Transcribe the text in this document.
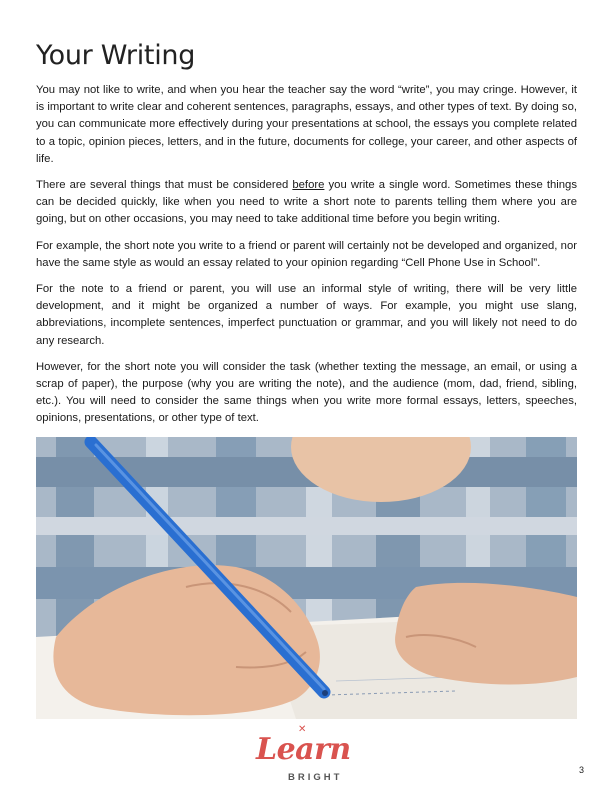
Your Writing

You may not like to write, and when you hear the teacher say the word “write”, you may cringe. However, it is important to write clear and coherent sentences, paragraphs, essays, and other types of text. By doing so, you can communicate more effectively during your presentations at school, the essays you complete related to a topic, opinion pieces, letters, and in the future, documents for college, your career, and other aspects of life.

There are several things that must be considered before you write a single word. Sometimes these things can be decided quickly, like when you need to write a short note to parents telling them where you are going, but on other occasions, you may need to take additional time before you begin writing.

For example, the short note you write to a friend or parent will certainly not be developed and organized, nor have the same style as would an essay related to your opinion regarding “Cell Phone Use in School”.

For the note to a friend or parent, you will use an informal style of writing, there will be very little development, and it might be organized a number of ways. For example, you might use slang, abbreviations, incomplete sentences, imperfect punctuation or grammar, and you will likely not need to do any research.

However, for the short note you will consider the task (whether texting the message, an email, or using a scrap of paper), the purpose (why you are writing the note), and the audience (mom, dad, friend, sibling, etc.). You will need to consider the same things when you write more formal essays, letters, speeches, opinions, presentations, or other type of text.

✕
Learn
BRIGHT
3
